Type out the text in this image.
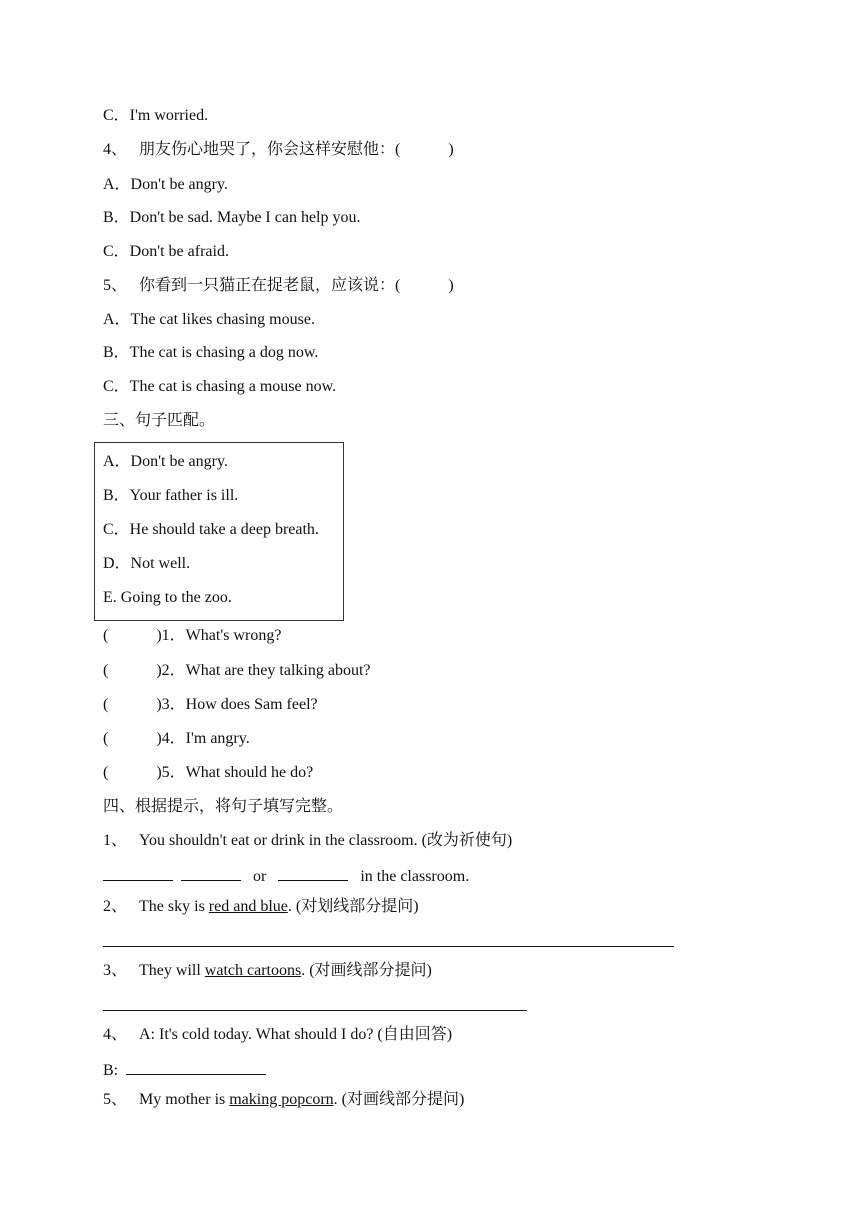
C．I'm worried.
4、 朋友伤心地哭了，你会这样安慰他：(	)
A．Don't be angry.
B．Don't be sad. Maybe I can help you.
C．Don't be afraid.
5、 你看到一只猫正在捉老鼠，应该说：(	)
A．The cat likes chasing mouse.
B．The cat is chasing a dog now.
C．The cat is chasing a mouse now.
三、句子匹配。
A．Don't be angry.
B．Your father is ill.
C．He should take a deep breath.
D．Not well.
E. Going to the zoo.
(	)1．What's wrong?
(	)2．What are they talking about?
(	)3．How does Sam feel?
(	)4．I'm angry.
(	)5．What should he do?
四、根据提示，将句子填写完整。
1、 You shouldn't eat or drink in the classroom. (改为祈使句)
or	in the classroom.
2、 The sky is red and blue. (对划线部分提问)
3、 They will watch cartoons. (对画线部分提问)
4、 A: It's cold today. What should I do? (自由回答)
B:
5、 My mother is making popcorn. (对画线部分提问)
